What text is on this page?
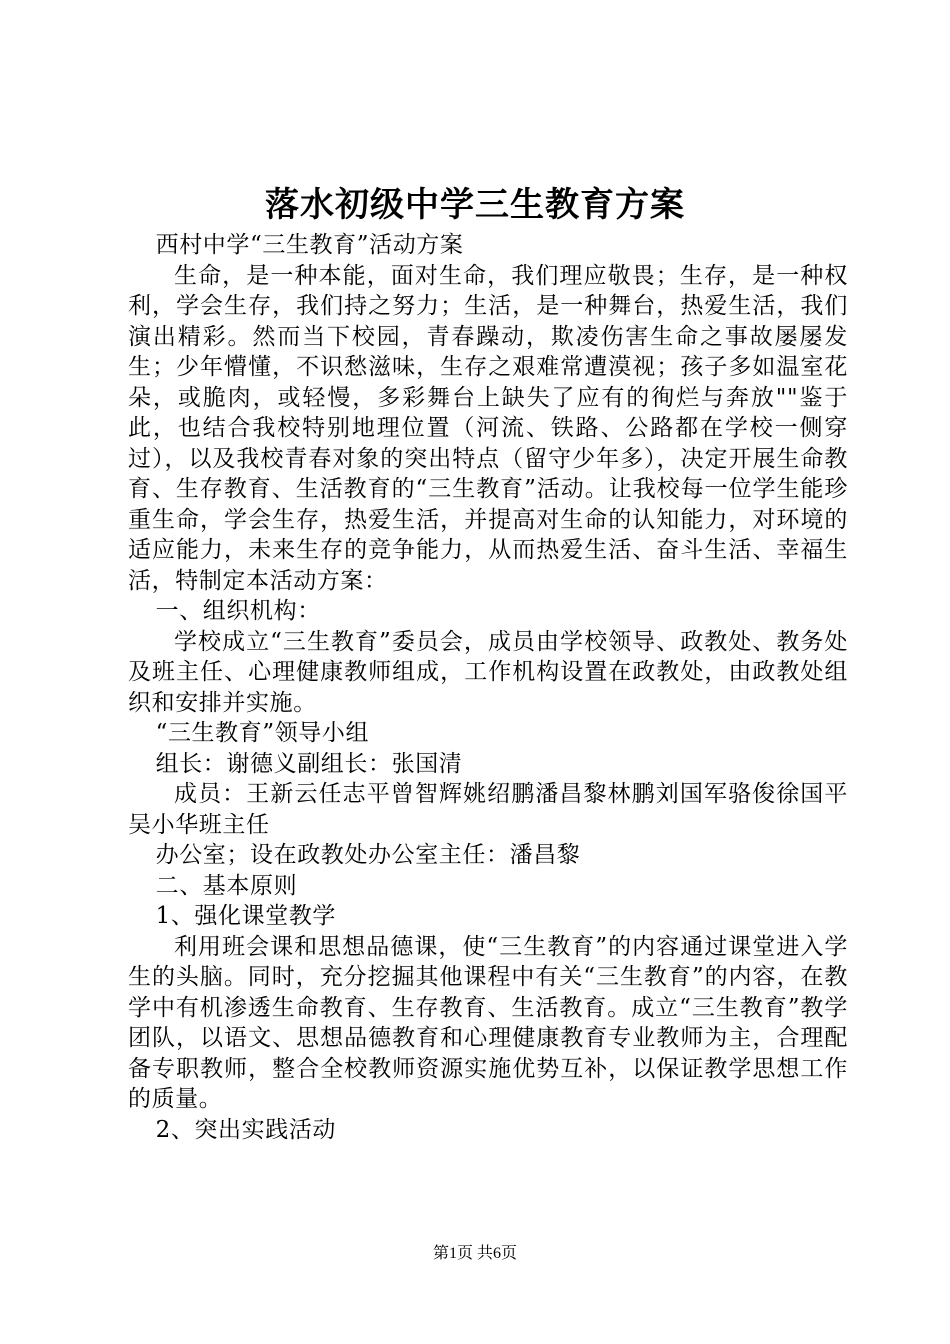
落水初级中学三生教育方案

西村中学“三生教育”活动方案

生命，是一种本能，面对生命，我们理应敬畏；生存，是一种权利，学会生存，我们持之努力；生活，是一种舞台，热爱生活，我们演出精彩。然而当下校园，青春躁动，欺凌伤害生命之事故屡屡发生；少年懵懂，不识愁滋味，生存之艰难常遭漠视；孩子多如温室花朵，或脆肉，或轻慢，多彩舞台上缺失了应有的徇烂与奔放""鉴于此，也结合我校特别地理位置（河流、铁路、公路都在学校一侧穿过），以及我校青春对象的突出特点（留守少年多），决定开展生命教育、生存教育、生活教育的“三生教育”活动。让我校每一位学生能珍重生命，学会生存，热爱生活，并提高对生命的认知能力，对环境的适应能力，未来生存的竞争能力，从而热爱生活、奋斗生活、幸福生活，特制定本活动方案：

一、组织机构：

学校成立“三生教育”委员会，成员由学校领导、政教处、教务处及班主任、心理健康教师组成，工作机构设置在政教处，由政教处组织和安排并实施。

“三生教育”领导小组

组长：谢德义副组长：张国清

成员：王新云任志平曾智辉姚绍鹏潘昌黎林鹏刘国军骆俊徐国平吴小华班主任

办公室；设在政教处办公室主任：潘昌黎

二、基本原则

1、强化课堂教学

利用班会课和思想品德课，使“三生教育”的内容通过课堂进入学生的头脑。同时，充分挖掘其他课程中有关“三生教育”的内容，在教学中有机渗透生命教育、生存教育、生活教育。成立“三生教育”教学团队，以语文、思想品德教育和心理健康教育专业教师为主，合理配备专职教师，整合全校教师资源实施优势互补，以保证教学思想工作的质量。

2、突出实践活动

第1页 共6页
